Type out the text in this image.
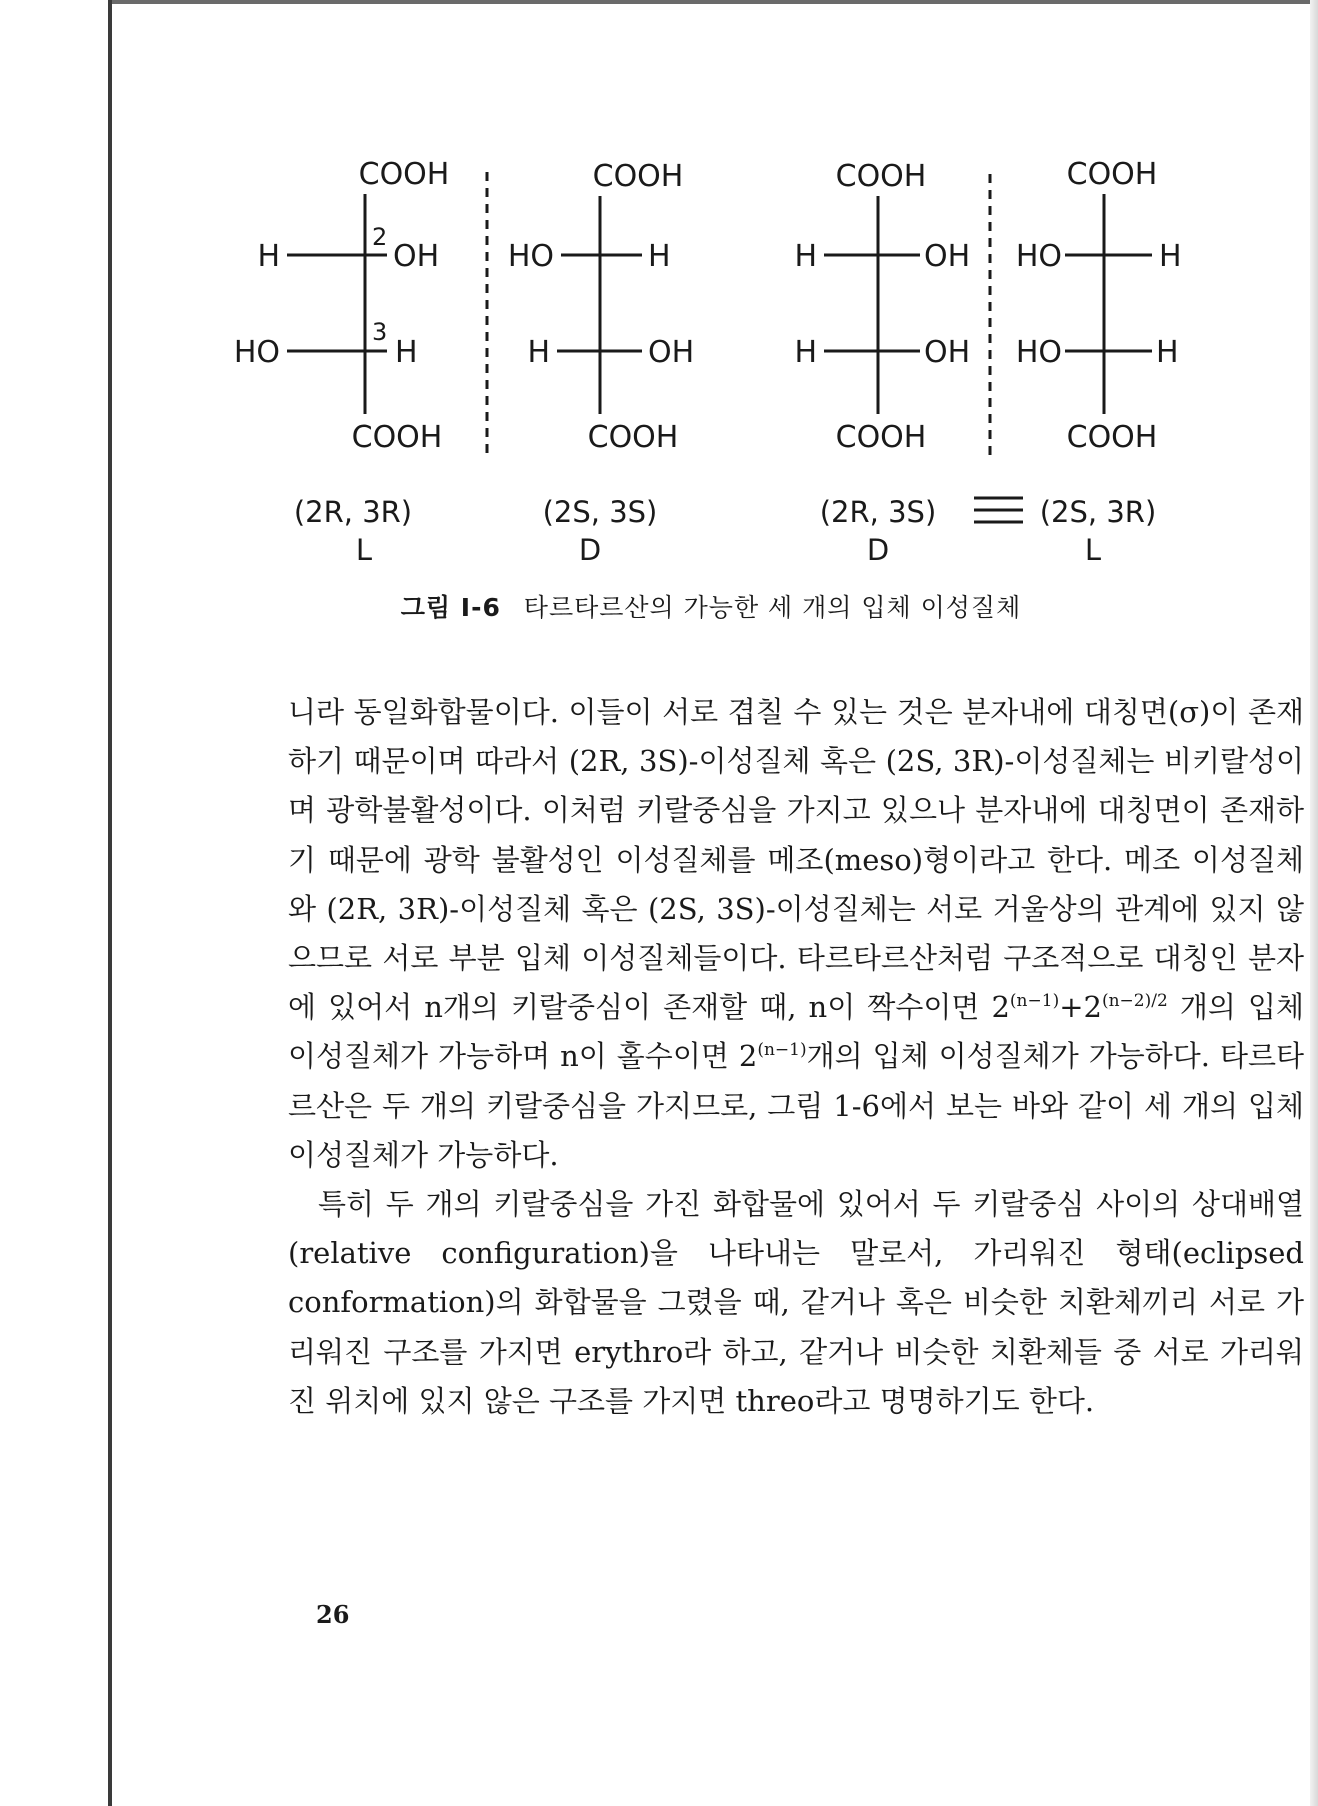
COOH
H	OH
HO	H
2
3
COOH
(2R, 3R)
L
COOH
HO	H
H	OH
COOH
(2S, 3S)
D
COOH
H	OH
H	OH
COOH
(2R, 3S)
D
COOH
HO	H
HO	H
COOH
(2S, 3R)
L
그림 Ⅰ-6 타르타르산의 가능한 세 개의 입체 이성질체

니라 동일화합물이다. 이들이 서로 겹칠 수 있는 것은 분자내에 대칭면(σ)이 존재하기 때문이며 따라서 (2R, 3S)-이성질체 혹은 (2S, 3R)-이성질체는 비키랄성이며 광학불활성이다. 이처럼 키랄중심을 가지고 있으나 분자내에 대칭면이 존재하기 때문에 광학 불활성인 이성질체를 메조(meso)형이라고 한다. 메조 이성질체와 (2R, 3R)-이성질체 혹은 (2S, 3S)-이성질체는 서로 거울상의 관계에 있지 않으므로 서로 부분 입체 이성질체들이다. 타르타르산처럼 구조적으로 대칭인 분자에 있어서 n개의 키랄중심이 존재할 때, n이 짝수이면 $2^{(n-1)}+2^{(n-2)/2}$ 개의 입체 이성질체가 가능하며 n이 홀수이면 $2^{(n-1)}$개의 입체 이성질체가 가능하다. 타르타르산은 두 개의 키랄중심을 가지므로, 그림 1-6에서 보는 바와 같이 세 개의 입체 이성질체가 가능하다.

특히 두 개의 키랄중심을 가진 화합물에 있어서 두 키랄중심 사이의 상대배열(relative configuration)을 나타내는 말로서, 가리워진 형태(eclipsed conformation)의 화합물을 그렸을 때, 같거나 혹은 비슷한 치환체끼리 서로 가리워진 구조를 가지면 erythro라 하고, 같거나 비슷한 치환체들 중 서로 가리워진 위치에 있지 않은 구조를 가지면 threo라고 명명하기도 한다.

26
